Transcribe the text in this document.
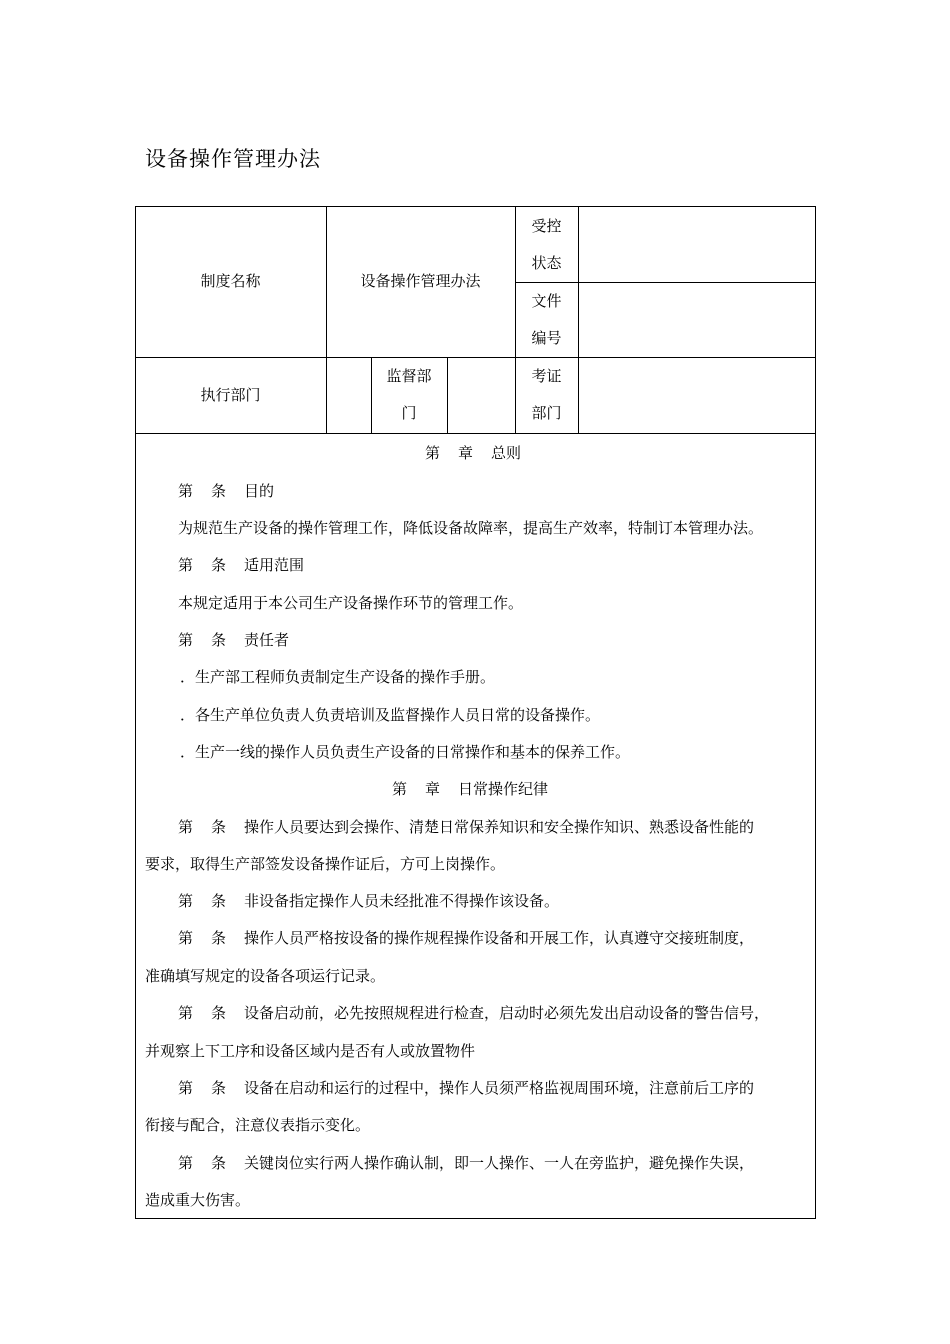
设备操作管理办法
制度名称	设备操作管理办法
受控
状态
文件
编号
执行部门
监督部
门
考证
部门
第 章 总则
第 条 目的
为规范生产设备的操作管理工作，降低设备故障率，提高生产效率，特制订本管理办法。
第 条 适用范围
本规定适用于本公司生产设备操作环节的管理工作。
第 条 责任者
．生产部工程师负责制定生产设备的操作手册。
．各生产单位负责人负责培训及监督操作人员日常的设备操作。
．生产一线的操作人员负责生产设备的日常操作和基本的保养工作。
第 章 日常操作纪律
第 条 操作人员要达到会操作、清楚日常保养知识和安全操作知识、熟悉设备性能的
要求，取得生产部签发设备操作证后，方可上岗操作。
第 条 非设备指定操作人员未经批准不得操作该设备。
第 条 操作人员严格按设备的操作规程操作设备和开展工作，认真遵守交接班制度，
准确填写规定的设备各项运行记录。
第 条 设备启动前，必先按照规程进行检查，启动时必须先发出启动设备的警告信号，
并观察上下工序和设备区域内是否有人或放置物件
第 条 设备在启动和运行的过程中，操作人员须严格监视周围环境，注意前后工序的
衔接与配合，注意仪表指示变化。
第 条 关键岗位实行两人操作确认制，即一人操作、一人在旁监护，避免操作失误，
造成重大伤害。
